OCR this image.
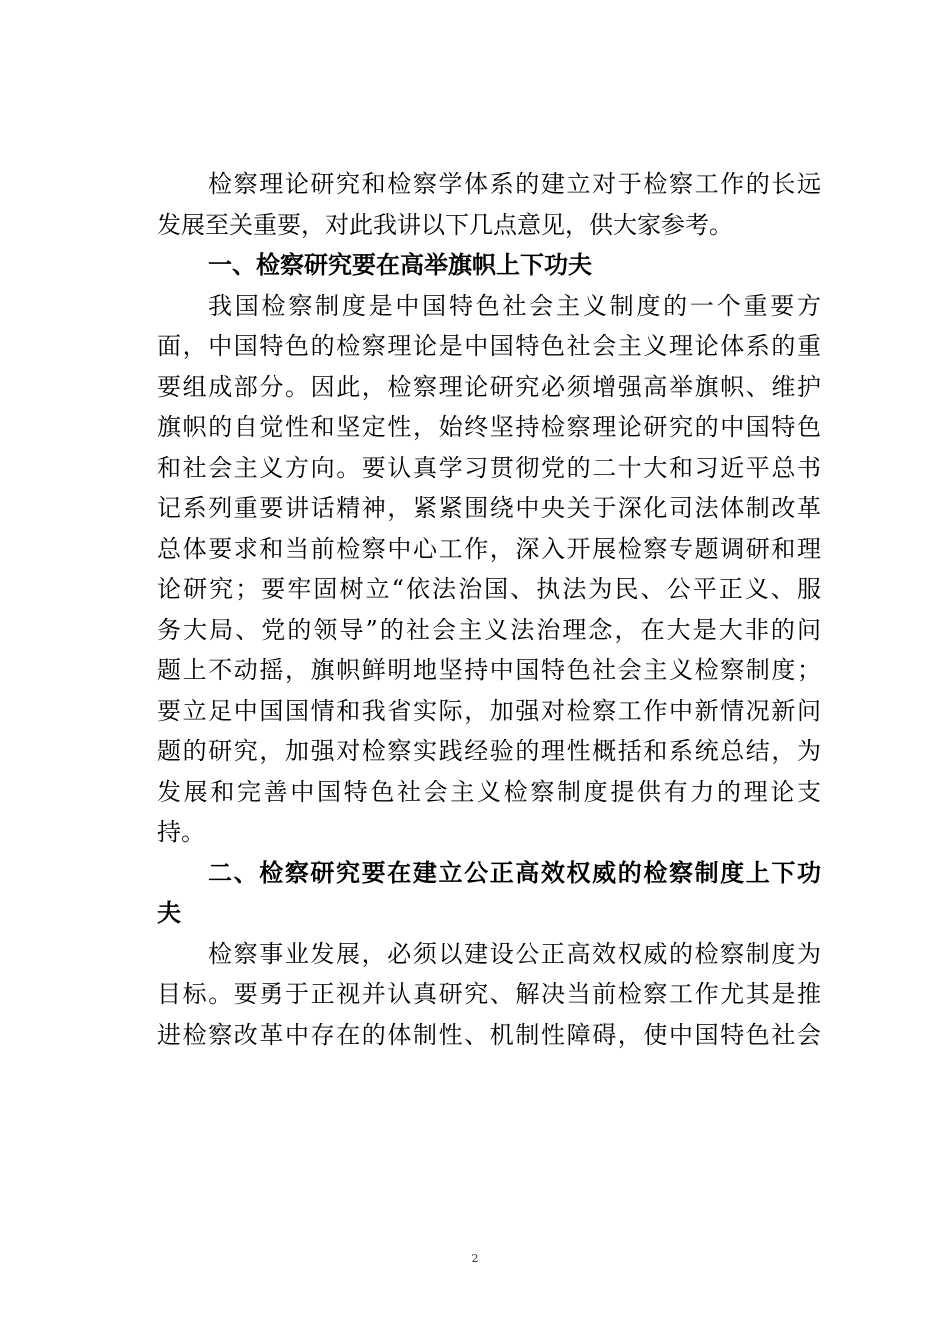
检察理论研究和检察学体系的建立对于检察工作的长远
发展至关重要，对此我讲以下几点意见，供大家参考。
一、检察研究要在高举旗帜上下功夫
我国检察制度是中国特色社会主义制度的一个重要方
面，中国特色的检察理论是中国特色社会主义理论体系的重
要组成部分。因此，检察理论研究必须增强高举旗帜、维护
旗帜的自觉性和坚定性，始终坚持检察理论研究的中国特色
和社会主义方向。要认真学习贯彻党的二十大和习近平总书
记系列重要讲话精神，紧紧围绕中央关于深化司法体制改革
总体要求和当前检察中心工作，深入开展检察专题调研和理
论研究；要牢固树立“依法治国、执法为民、公平正义、服
务大局、党的领导”的社会主义法治理念，在大是大非的问
题上不动摇，旗帜鲜明地坚持中国特色社会主义检察制度；
要立足中国国情和我省实际，加强对检察工作中新情况新问
题的研究，加强对检察实践经验的理性概括和系统总结，为
发展和完善中国特色社会主义检察制度提供有力的理论支
持。
二、检察研究要在建立公正高效权威的检察制度上下功
夫
检察事业发展，必须以建设公正高效权威的检察制度为
目标。要勇于正视并认真研究、解决当前检察工作尤其是推
进检察改革中存在的体制性、机制性障碍，使中国特色社会
2
